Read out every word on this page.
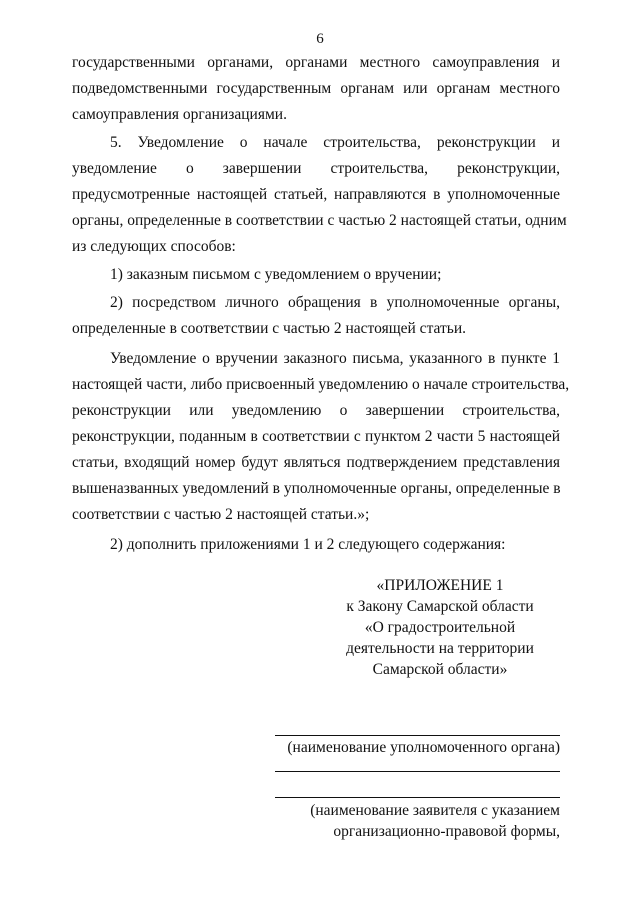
6
государственными органами, органами местного самоуправления и
подведомственными государственным органам или органам местного
самоуправления организациями.
5. Уведомление о начале строительства, реконструкции и
уведомление о завершении строительства, реконструкции,
предусмотренные настоящей статьей, направляются в уполномоченные
органы, определенные в соответствии с частью 2 настоящей статьи, одним
из следующих способов:
1) заказным письмом с уведомлением о вручении;
2) посредством личного обращения в уполномоченные органы,
определенные в соответствии с частью 2 настоящей статьи.
Уведомление о вручении заказного письма, указанного в пункте 1
настоящей части, либо присвоенный уведомлению о начале строительства,
реконструкции или уведомлению о завершении строительства,
реконструкции, поданным в соответствии с пунктом 2 части 5 настоящей
статьи, входящий номер будут являться подтверждением представления
вышеназванных уведомлений в уполномоченные органы, определенные в
соответствии с частью 2 настоящей статьи.»;
2) дополнить приложениями 1 и 2 следующего содержания:
«ПРИЛОЖЕНИЕ 1
к Закону Самарской области
«О градостроительной
деятельности на территории
Самарской области»
(наименование уполномоченного органа)
(наименование заявителя с указанием
организационно-правовой формы,
